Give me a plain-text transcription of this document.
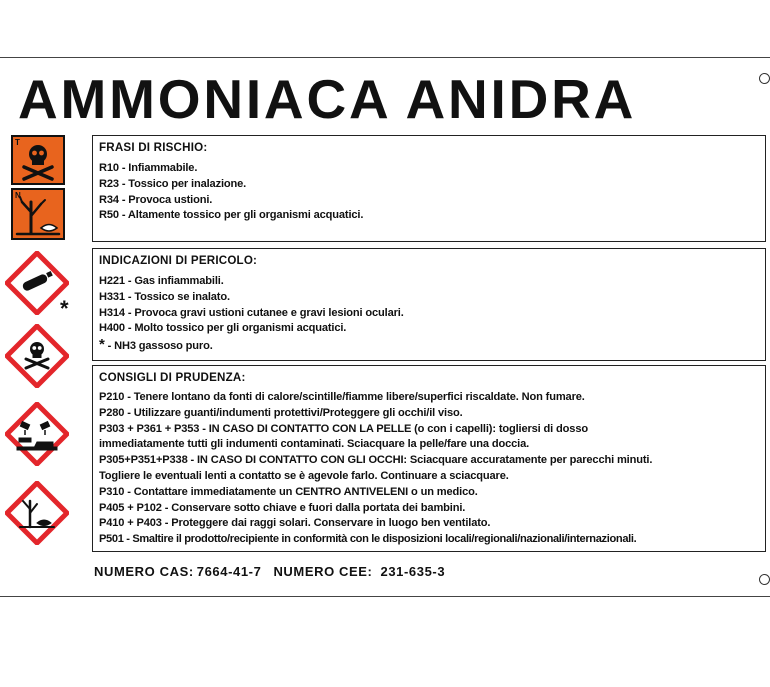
AMMONIACA ANIDRA
T
N
*
FRASI DI RISCHIO:
R10 - Infiammabile.
R23 - Tossico per inalazione.
R34 - Provoca ustioni.
R50 - Altamente tossico per gli organismi acquatici.
INDICAZIONI DI PERICOLO:
H221 - Gas infiammabili.
H331 - Tossico se inalato.
H314 - Provoca gravi ustioni cutanee e gravi lesioni oculari.
H400 - Molto tossico per gli organismi acquatici.
* - NH3 gassoso puro.
CONSIGLI DI PRUDENZA:
P210 - Tenere lontano da fonti di calore/scintille/fiamme libere/superfici riscaldate. Non fumare.
P280 - Utilizzare guanti/indumenti protettivi/Proteggere gli occhi/il viso.
P303 + P361 + P353 - IN CASO DI CONTATTO CON LA PELLE (o con i capelli): togliersi di dosso
immediatamente tutti gli indumenti contaminati. Sciacquare la pelle/fare una doccia.
P305+P351+P338 - IN CASO DI CONTATTO CON GLI OCCHI: Sciacquare accuratamente per parecchi minuti.
Togliere le eventuali lenti a contatto se è agevole farlo. Continuare a sciacquare.
P310 - Contattare immediatamente un CENTRO ANTIVELENI o un medico.
P405 + P102 - Conservare sotto chiave e fuori dalla portata dei bambini.
P410 + P403 - Proteggere dai raggi solari. Conservare in luogo ben ventilato.
P501 - Smaltire il prodotto/recipiente in conformità con le disposizioni locali/regionali/nazionali/internazionali.
NUMERO CAS: 7664-41-7 NUMERO CEE: 231-635-3
